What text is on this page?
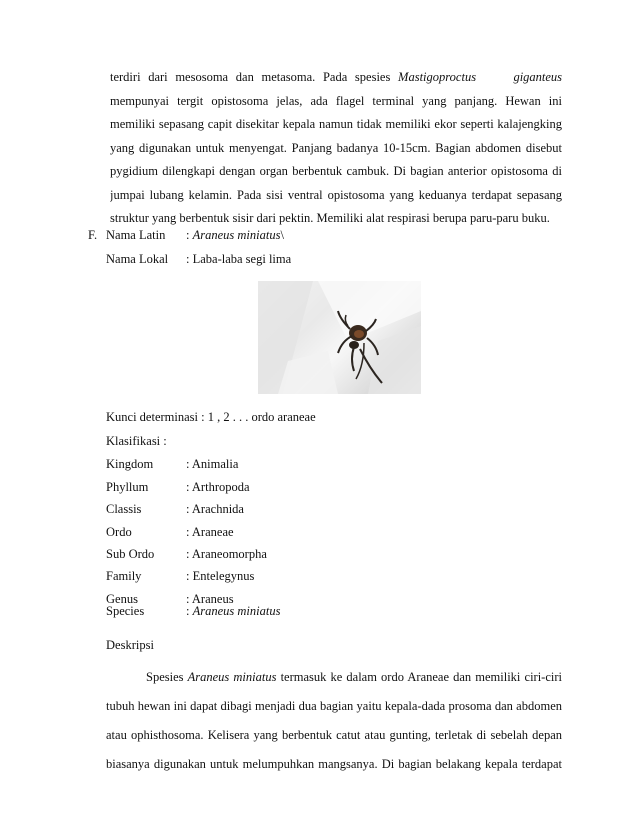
terdiri dari mesosoma dan metasoma. Pada spesies Mastigoproctus	giganteus
mempunyai tergit opistosoma jelas, ada flagel terminal yang panjang. Hewan ini
memiliki sepasang capit disekitar kepala namun tidak memiliki ekor seperti kalajengking
yang digunakan untuk menyengat. Panjang badanya 10-15cm. Bagian abdomen disebut
pygidium dilengkapi dengan organ berbentuk cambuk. Di bagian anterior opistosoma di
jumpai lubang kelamin. Pada sisi ventral opistosoma yang keduanya terdapat sepasang
struktur yang berbentuk sisir dari pektin. Memiliki alat respirasi berupa paru-paru buku.
F. Nama Latin : Araneus miniatus\
Nama Lokal : Laba-laba segi lima
Kunci determinasi : 1 , 2 . . . ordo araneae
Klasifikasi :
Kingdom	: Animalia
Phyllum	: Arthropoda
Classis	: Arachnida
Ordo	: Araneae
Sub Ordo	: Araneomorpha
Family	: Entelegynus
Genus	: Araneus
Species	: Araneus miniatus
Deskripsi
Spesies Araneus miniatus termasuk ke dalam ordo Araneae dan memiliki ciri-ciri
tubuh hewan ini dapat dibagi menjadi dua bagian yaitu kepala-dada prosoma dan abdomen
atau ophisthosoma. Kelisera yang berbentuk catut atau gunting, terletak di sebelah depan
biasanya digunakan untuk melumpuhkan mangsanya. Di bagian belakang kepala terdapat
